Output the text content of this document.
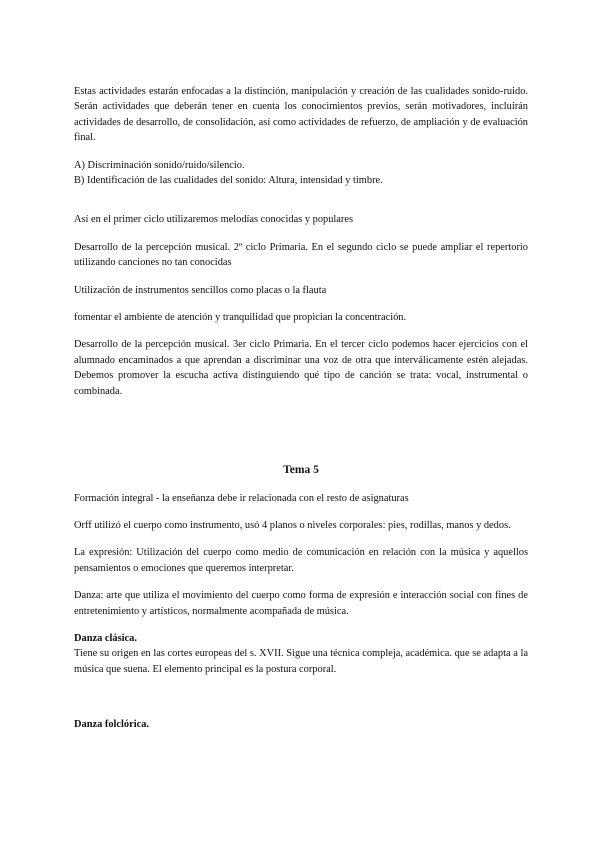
Estas actividades estarán enfocadas a la distinción, manipulación y creación de las cualidades sonido-ruido. Serán actividades que deberán tener en cuenta los conocimientos previos, serán motivadores, incluirán actividades de desarrollo, de consolidación, así como actividades de refuerzo, de ampliación y de evaluación final.

A) Discriminación sonido/ruido/silencio.

B) Identificación de las cualidades del sonido: Altura, intensidad y timbre.

Así en el primer ciclo utilizaremos melodías conocidas y populares

Desarrollo de la percepción musical. 2º ciclo Primaria. En el segundo ciclo se puede ampliar el repertorio utilizando canciones no tan conocidas

Utilización de instrumentos sencillos como placas o la flauta

fomentar el ambiente de atención y tranquilidad que propician la concentración.

Desarrollo de la percepción musical. 3er ciclo Primaria. En el tercer ciclo podemos hacer ejercicios con el alumnado encaminados a que aprendan a discriminar una voz de otra que interválicamente estén alejadas. Debemos promover la escucha activa distinguiendo qué tipo de canción se trata: vocal, instrumental o combinada.

Tema 5

Formación integral - la enseñanza debe ir relacionada con el resto de asignaturas

Orff utilizó el cuerpo como instrumento, usó 4 planos o niveles corporales: pies, rodillas, manos y dedos.

La expresión: Utilización del cuerpo como medio de comunicación en relación con la música y aquellos pensamientos o emociones que queremos interpretar.

Danza: arte que utiliza el movimiento del cuerpo como forma de expresión e interacción social con fines de entretenimiento y artísticos, normalmente acompañada de música.

Danza clásica.

Tiene su origen en las cortes europeas del s. XVII. Sigue una técnica compleja, académica. que se adapta a la música que suena. El elemento principal es la postura corporal.

Danza folclórica.
